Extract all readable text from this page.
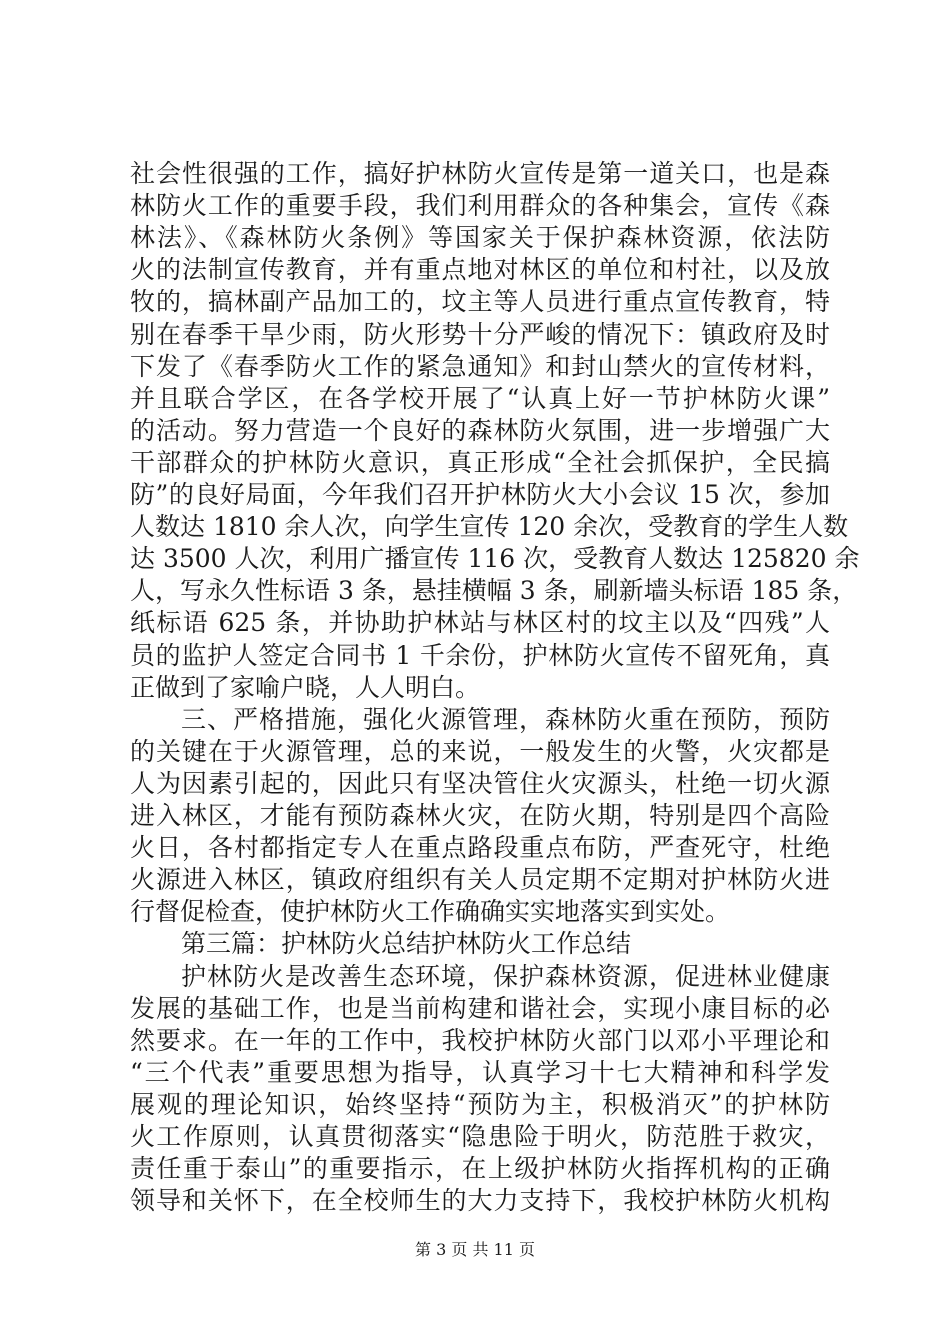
社会性很强的工作，搞好护林防火宣传是第一道关口，也是森
林防火工作的重要手段，我们利用群众的各种集会，宣传《森
林法》、《森林防火条例》等国家关于保护森林资源，依法防
火的法制宣传教育，并有重点地对林区的单位和村社，以及放
牧的，搞林副产品加工的，坟主等人员进行重点宣传教育，特
别在春季干旱少雨，防火形势十分严峻的情况下：镇政府及时
下发了《春季防火工作的紧急通知》和封山禁火的宣传材料，
并且联合学区，在各学校开展了“认真上好一节护林防火课”
的活动。努力营造一个良好的森林防火氛围，进一步增强广大
干部群众的护林防火意识，真正形成“全社会抓保护，全民搞
防”的良好局面，今年我们召开护林防火大小会议 15 次，参加
人数达 1810 余人次，向学生宣传 120 余次，受教育的学生人数
达 3500 人次，利用广播宣传 116 次，受教育人数达 125820 余
人，写永久性标语 3 条，悬挂横幅 3 条，刷新墙头标语 185 条，
纸标语 625 条，并协助护林站与林区村的坟主以及“四残”人
员的监护人签定合同书 1 千余份，护林防火宣传不留死角，真
正做到了家喻户晓，人人明白。
三、严格措施，强化火源管理，森林防火重在预防，预防
的关键在于火源管理，总的来说，一般发生的火警，火灾都是
人为因素引起的，因此只有坚决管住火灾源头，杜绝一切火源
进入林区，才能有预防森林火灾，在防火期，特别是四个高险
火日，各村都指定专人在重点路段重点布防，严查死守，杜绝
火源进入林区，镇政府组织有关人员定期不定期对护林防火进
行督促检查，使护林防火工作确确实实地落实到实处。
第三篇：护林防火总结护林防火工作总结
护林防火是改善生态环境，保护森林资源，促进林业健康
发展的基础工作，也是当前构建和谐社会，实现小康目标的必
然要求。在一年的工作中，我校护林防火部门以邓小平理论和
“三个代表”重要思想为指导，认真学习十七大精神和科学发
展观的理论知识，始终坚持“预防为主，积极消灭”的护林防
火工作原则，认真贯彻落实“隐患险于明火，防范胜于救灾，
责任重于泰山”的重要指示，在上级护林防火指挥机构的正确
领导和关怀下，在全校师生的大力支持下，我校护林防火机构
第 3 页 共 11 页
